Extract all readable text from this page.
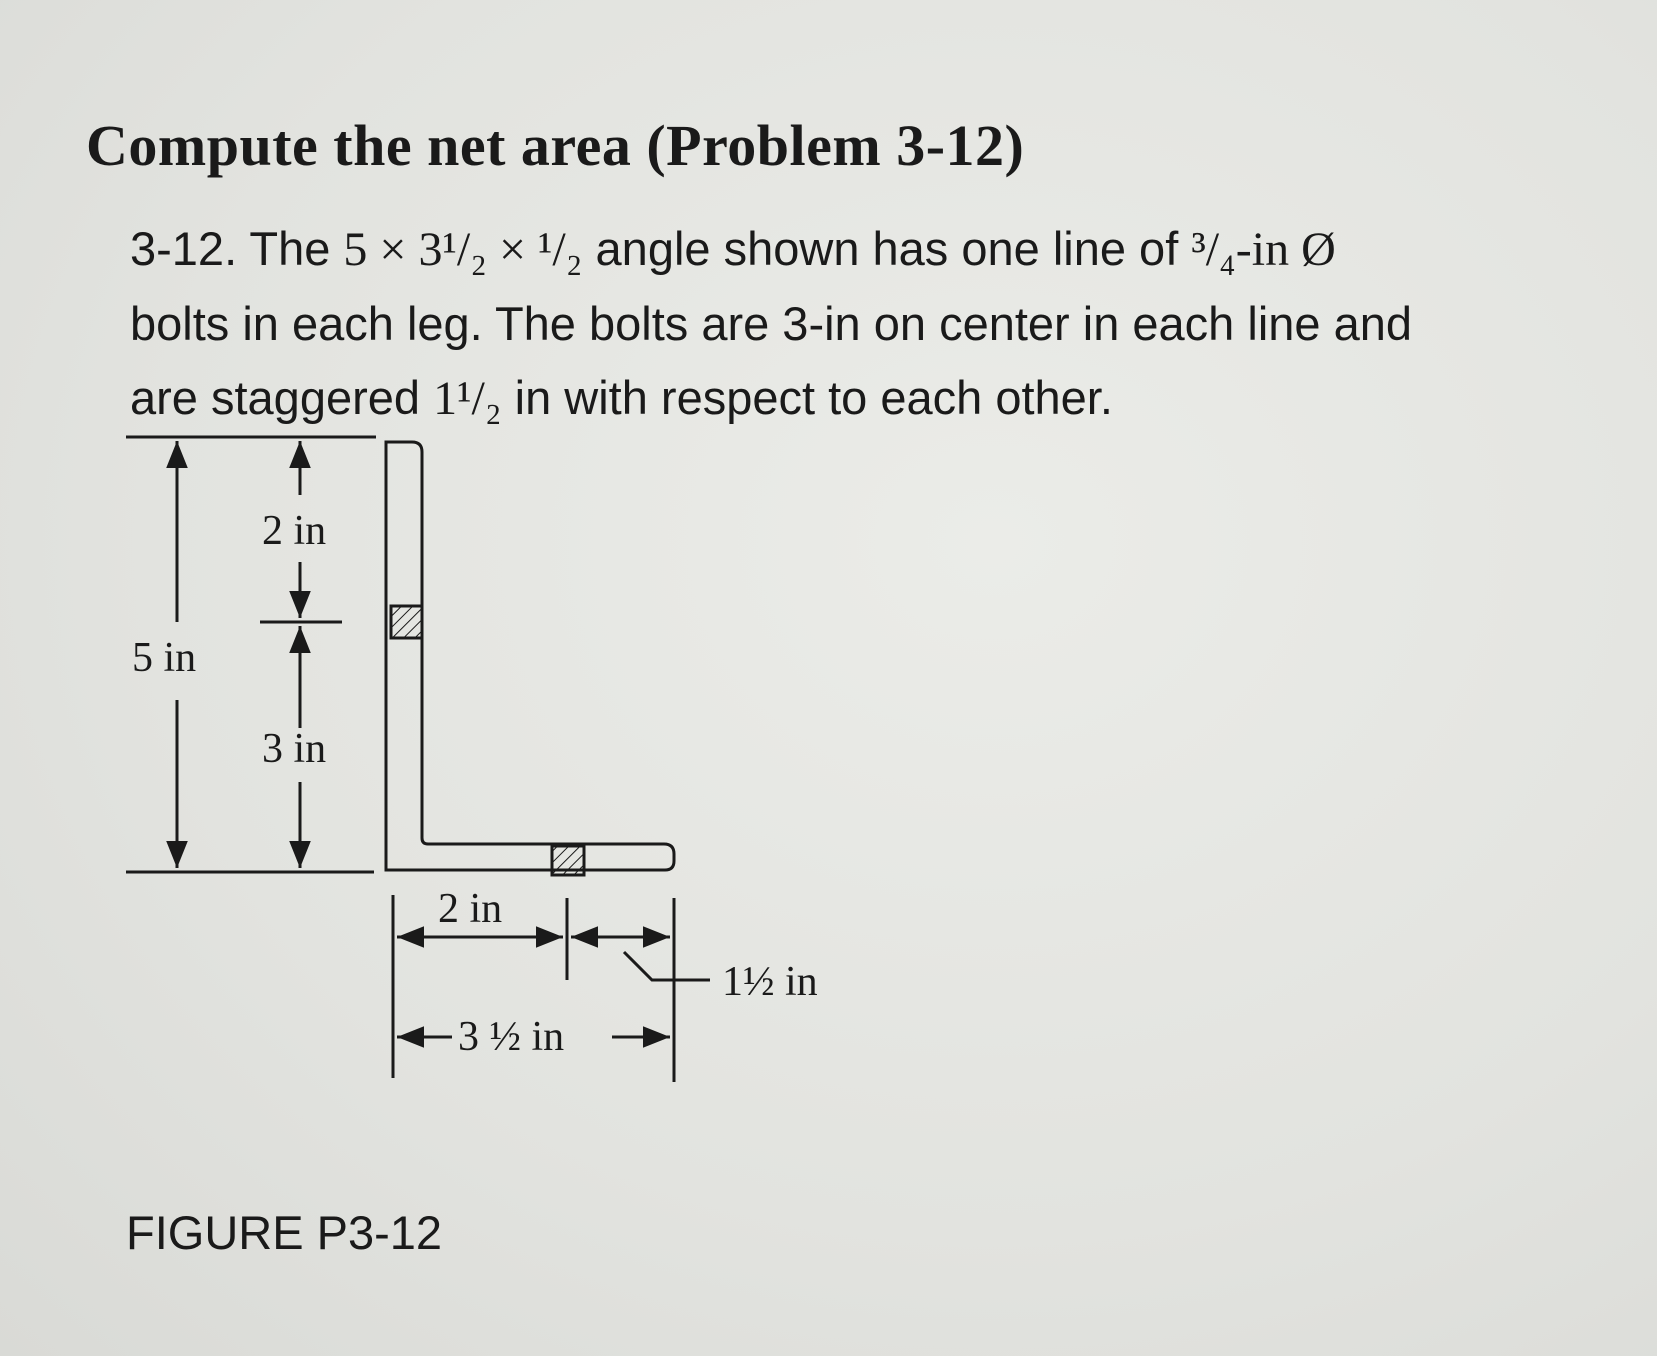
Compute the net area (Problem 3-12)
3-12. The 5 × 3¹/₂ × ¹/₂ angle shown has one line of ³/₄-in Ø
bolts in each leg. The bolts are 3-in on center in each line and
are staggered 1¹/₂ in with respect to each other.
5 in
2 in
3 in
2 in
3 ½ in
1½ in
FIGURE P3-12
